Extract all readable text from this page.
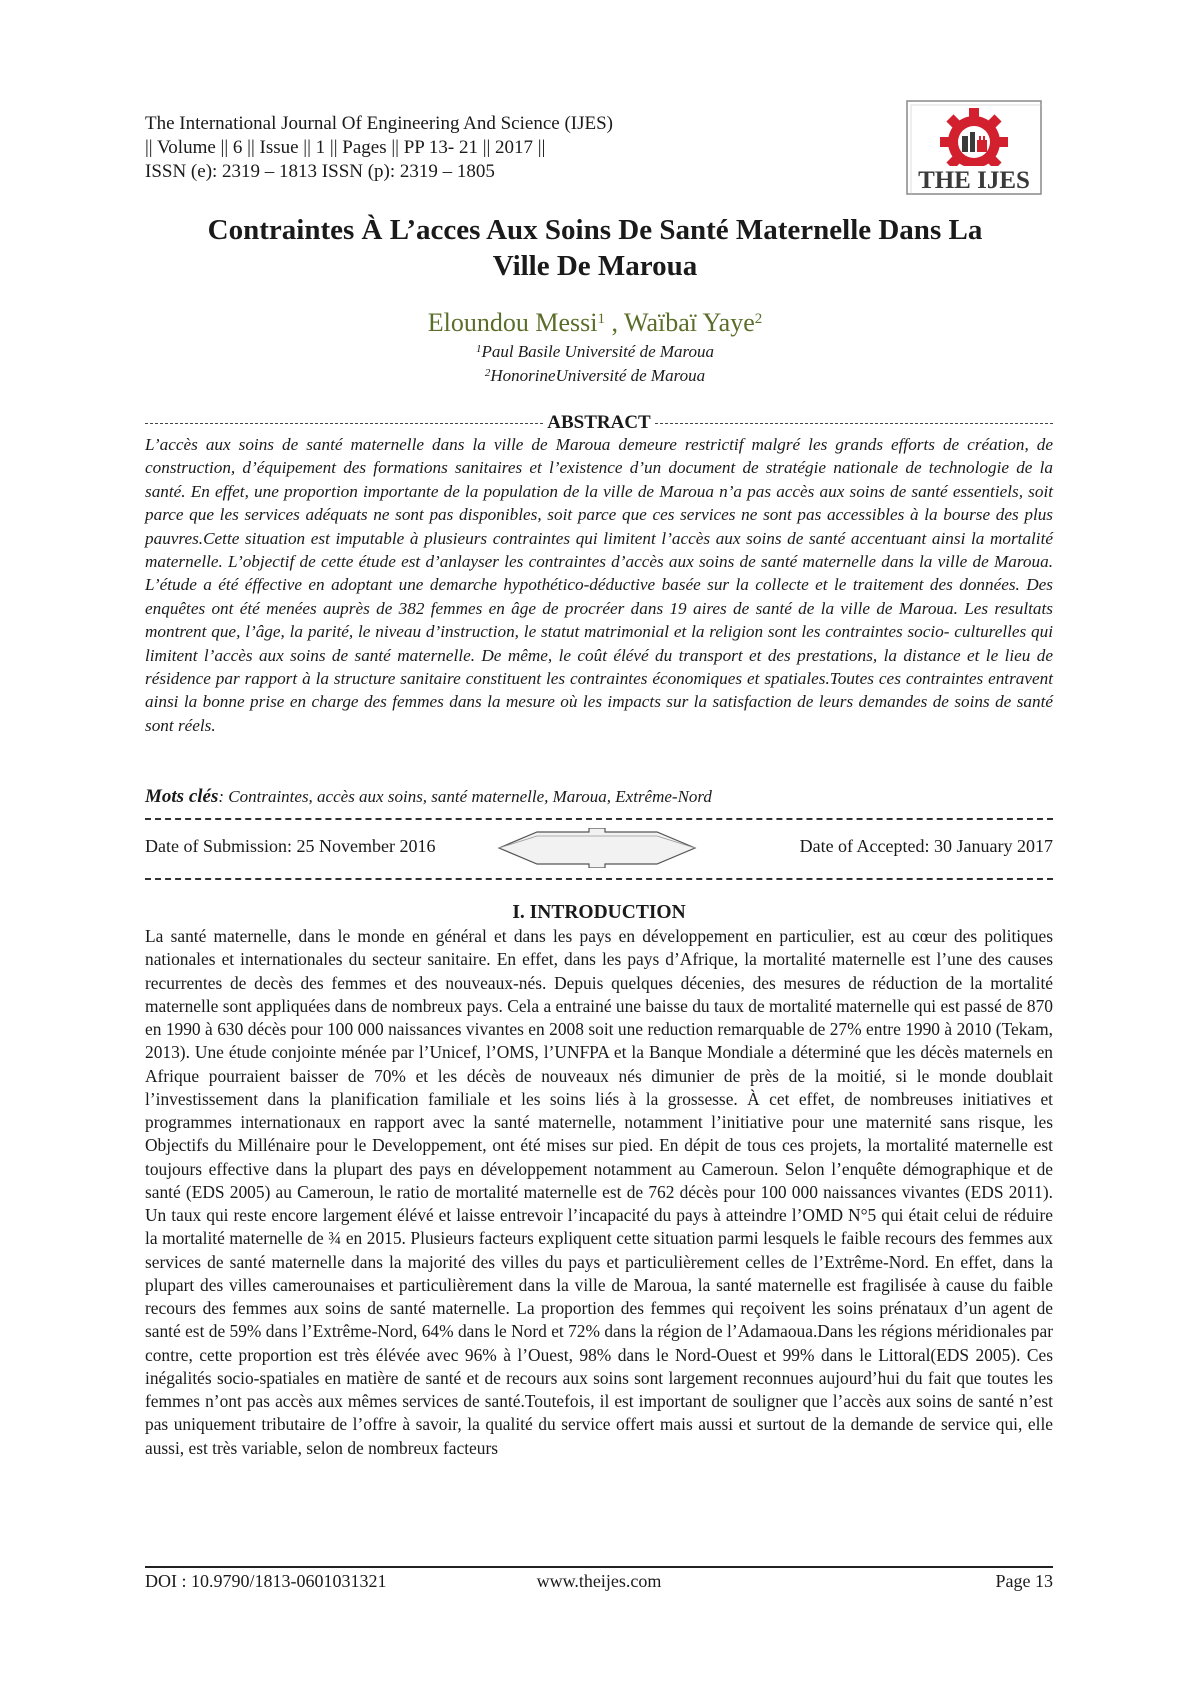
The International Journal Of Engineering And Science (IJES)
|| Volume || 6 || Issue || 1 || Pages || PP 13- 21 || 2017 ||
ISSN (e): 2319 – 1813 ISSN (p): 2319 – 1805	THE IJES
Contraintes À L’acces Aux Soins De Santé Maternelle Dans La
Ville De Maroua
Eloundou Messi$^1$ , Waïbaï Yaye$^2$
$^1$Paul Basile Université de Maroua
$^2$HonorineUniversité de Maroua
ABSTRACT
L’accès aux soins de santé maternelle dans la ville de Maroua demeure restrictif malgré les grands efforts de création, de construction, d’équipement des formations sanitaires et l’existence d’un document de stratégie nationale de technologie de la santé. En effet, une proportion importante de la population de la ville de Maroua n’a pas accès aux soins de santé essentiels, soit parce que les services adéquats ne sont pas disponibles, soit parce que ces services ne sont pas accessibles à la bourse des plus pauvres.Cette situation est imputable à plusieurs contraintes qui limitent l’accès aux soins de santé accentuant ainsi la mortalité maternelle. L’objectif de cette étude est d’anlayser les contraintes d’accès aux soins de santé maternelle dans la ville de Maroua. L’étude a été éffective en adoptant une demarche hypothético-déductive basée sur la collecte et le traitement des données. Des enquêtes ont été menées auprès de 382 femmes en âge de procréer dans 19 aires de santé de la ville de Maroua. Les resultats montrent que, l’âge, la parité, le niveau d’instruction, le statut matrimonial et la religion sont les contraintes socio- culturelles qui limitent l’accès aux soins de santé maternelle. De même, le coût élévé du transport et des prestations, la distance et le lieu de résidence par rapport à la structure sanitaire constituent les contraintes économiques et spatiales.Toutes ces contraintes entravent ainsi la bonne prise en charge des femmes dans la mesure où les impacts sur la satisfaction de leurs demandes de soins de santé sont réels.
Mots clés: Contraintes, accès aux soins, santé maternelle, Maroua, Extrême-Nord
Date of Submission: 25 November 2016	Date of Accepted: 30 January 2017
I. INTRODUCTION
La santé maternelle, dans le monde en général et dans les pays en développement en particulier, est au cœur des politiques nationales et internationales du secteur sanitaire. En effet, dans les pays d’Afrique, la mortalité maternelle est l’une des causes recurrentes de decès des femmes et des nouveaux-nés. Depuis quelques décenies, des mesures de réduction de la mortalité maternelle sont appliquées dans de nombreux pays. Cela a entrainé une baisse du taux de mortalité maternelle qui est passé de 870 en 1990 à 630 décès pour 100 000 naissances vivantes en 2008 soit une reduction remarquable de 27% entre 1990 à 2010 (Tekam, 2013). Une étude conjointe ménée par l’Unicef, l’OMS, l’UNFPA et la Banque Mondiale a déterminé que les décès maternels en Afrique pourraient baisser de 70% et les décès de nouveaux nés dimunier de près de la moitié, si le monde doublait l’investissement dans la planification familiale et les soins liés à la grossesse. À cet effet, de nombreuses initiatives et programmes internationaux en rapport avec la santé maternelle, notamment l’initiative pour une maternité sans risque, les Objectifs du Millénaire pour le Developpement, ont été mises sur pied. En dépit de tous ces projets, la mortalité maternelle est toujours effective dans la plupart des pays en développement notamment au Cameroun. Selon l’enquête démographique et de santé (EDS 2005) au Cameroun, le ratio de mortalité maternelle est de 762 décès pour 100 000 naissances vivantes (EDS 2011). Un taux qui reste encore largement élévé et laisse entrevoir l’incapacité du pays à atteindre l’OMD N°5 qui était celui de réduire la mortalité maternelle de ¾ en 2015. Plusieurs facteurs expliquent cette situation parmi lesquels le faible recours des femmes aux services de santé maternelle dans la majorité des villes du pays et particulièrement celles de l’Extrême-Nord. En effet, dans la plupart des villes camerounaises et particulièrement dans la ville de Maroua, la santé maternelle est fragilisée à cause du faible recours des femmes aux soins de santé maternelle. La proportion des femmes qui reçoivent les soins prénataux d’un agent de santé est de 59% dans l’Extrême-Nord, 64% dans le Nord et 72% dans la région de l’Adamaoua.Dans les régions méridionales par contre, cette proportion est très élévée avec 96% à l’Ouest, 98% dans le Nord-Ouest et 99% dans le Littoral(EDS 2005). Ces inégalités socio-spatiales en matière de santé et de recours aux soins sont largement reconnues aujourd’hui du fait que toutes les femmes n’ont pas accès aux mêmes services de santé.Toutefois, il est important de souligner que l’accès aux soins de santé n’est pas uniquement tributaire de l’offre à savoir, la qualité du service offert mais aussi et surtout de la demande de service qui, elle aussi, est très variable, selon de nombreux facteurs
DOI : 10.9790/1813-0601031321	www.theijes.com	Page 13
